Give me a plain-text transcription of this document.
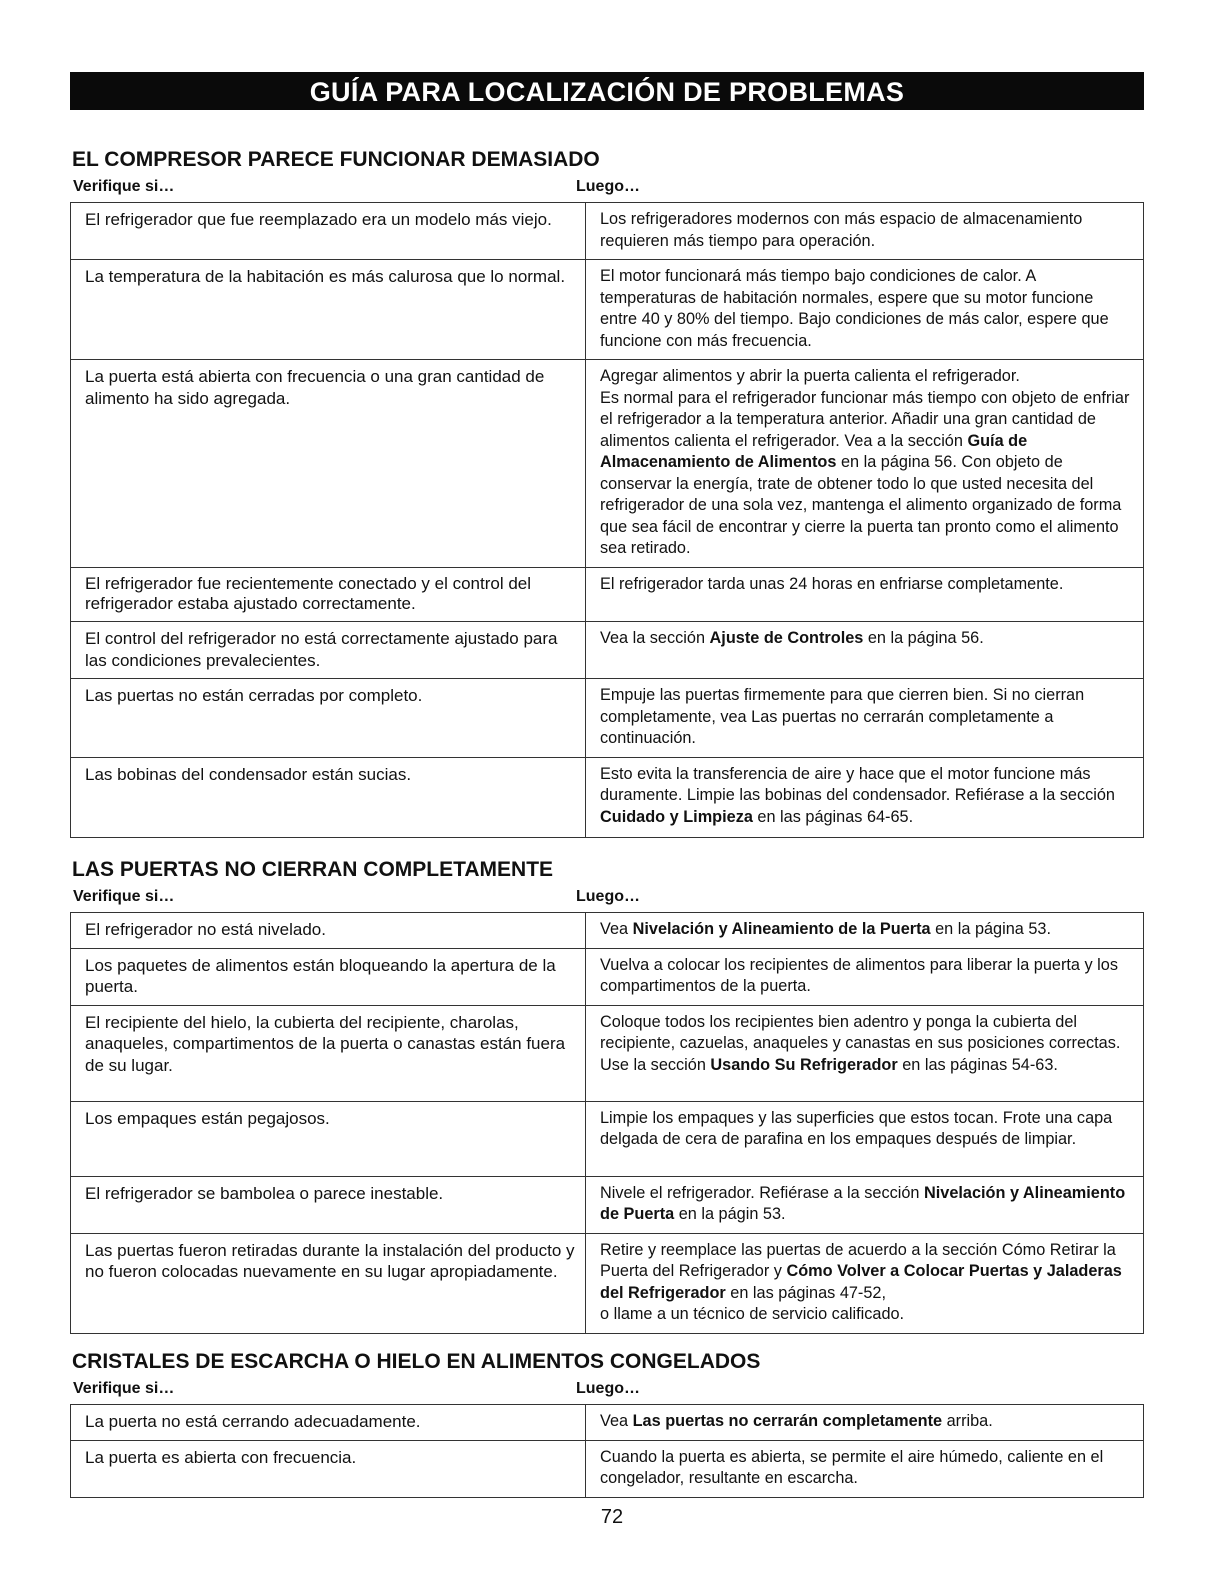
GUÍA PARA LOCALIZACIÓN DE PROBLEMAS
EL COMPRESOR PARECE FUNCIONAR DEMASIADO
Verifique si…	Luego…
El refrigerador que fue reemplazado era un modelo más viejo.	Los refrigeradores modernos con más espacio de almacenamiento requieren más tiempo para operación.
La temperatura de la habitación es más calurosa que lo normal.	El motor funcionará más tiempo bajo condiciones de calor. A temperaturas de habitación normales, espere que su motor funcione entre 40 y 80% del tiempo. Bajo condiciones de más calor, espere que funcione con más frecuencia.
La puerta está abierta con frecuencia o una gran cantidad de alimento ha sido agregada.	Agregar alimentos y abrir la puerta calienta el refrigerador.
Es normal para el refrigerador funcionar más tiempo con objeto de enfriar el refrigerador a la temperatura anterior. Añadir una gran cantidad de alimentos calienta el refrigerador. Vea a la sección Guía de Almacenamiento de Alimentos en la página 56. Con objeto de conservar la energía, trate de obtener todo lo que usted necesita del refrigerador de una sola vez, mantenga el alimento organizado de forma que sea fácil de encontrar y cierre la puerta tan pronto como el alimento sea retirado.
El refrigerador fue recientemente conectado y el control del refrigerador estaba ajustado correctamente.	El refrigerador tarda unas 24 horas en enfriarse completamente.
El control del refrigerador no está correctamente ajustado para las condiciones prevalecientes.	Vea la sección Ajuste de Controles en la página 56.
Las puertas no están cerradas por completo.	Empuje las puertas firmemente para que cierren bien. Si no cierran completamente, vea Las puertas no cerrarán completamente a continuación.
Las bobinas del condensador están sucias.	Esto evita la transferencia de aire y hace que el motor funcione más duramente. Limpie las bobinas del condensador. Refiérase a la sección Cuidado y Limpieza en las páginas 64-65.
LAS PUERTAS NO CIERRAN COMPLETAMENTE
Verifique si…	Luego…
El refrigerador no está nivelado.	Vea Nivelación y Alineamiento de la Puerta en la página 53.
Los paquetes de alimentos están bloqueando la apertura de la puerta.	Vuelva a colocar los recipientes de alimentos para liberar la puerta y los compartimentos de la puerta.
El recipiente del hielo, la cubierta del recipiente, charolas, anaqueles, compartimentos de la puerta o canastas están fuera de su lugar.	Coloque todos los recipientes bien adentro y ponga la cubierta del recipiente, cazuelas, anaqueles y canastas en sus posiciones correctas. Use la sección Usando Su Refrigerador en las páginas 54-63.
Los empaques están pegajosos.	Limpie los empaques y las superficies que estos tocan. Frote una capa delgada de cera de parafina en los empaques después de limpiar.
El refrigerador se bambolea o parece inestable.	Nivele el refrigerador. Refiérase a la sección Nivelación y Alineamiento de Puerta en la págin 53.
Las puertas fueron retiradas durante la instalación del producto y no fueron colocadas nuevamente en su lugar apropiadamente.	Retire y reemplace las puertas de acuerdo a la sección Cómo Retirar la Puerta del Refrigerador y Cómo Volver a Colocar Puertas y Jaladeras del Refrigerador en las páginas 47-52,
o llame a un técnico de servicio calificado.
CRISTALES DE ESCARCHA O HIELO EN ALIMENTOS CONGELADOS
Verifique si…	Luego…
La puerta no está cerrando adecuadamente.	Vea Las puertas no cerrarán completamente arriba.
La puerta es abierta con frecuencia.	Cuando la puerta es abierta, se permite el aire húmedo, caliente en el congelador, resultante en escarcha.
72
